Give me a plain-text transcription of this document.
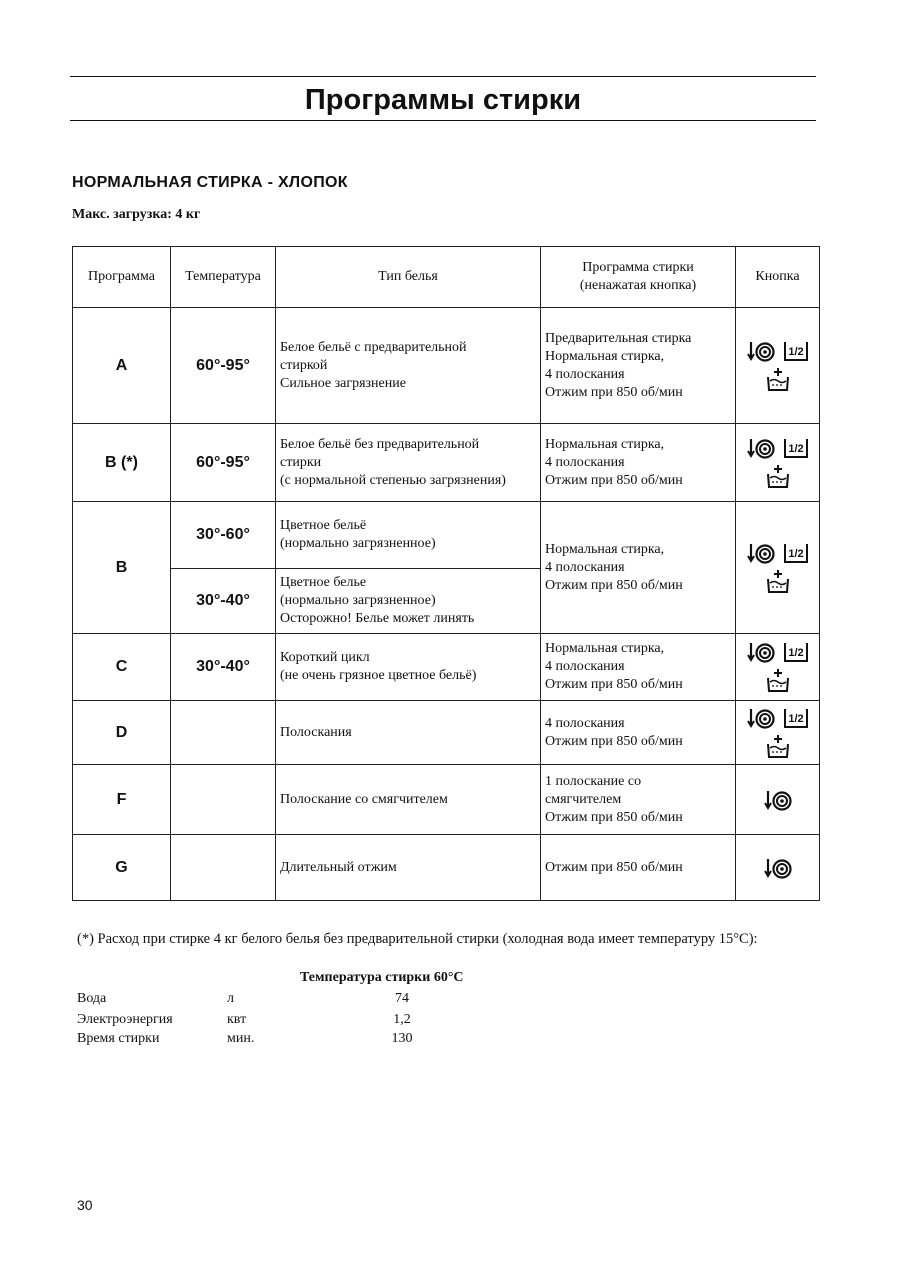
Программы стирки
НОРМАЛЬНАЯ СТИРКА - ХЛОПОК
Макс. загрузка: 4 кг
Программа	Температура	Тип белья	Программа стирки
(ненажатая кнопка)	Кнопка
A	60°-95°	Белое бельё с предварительной
стиркой
Сильное загрязнение	Предварительная стирка
Нормальная стирка,
4 полоскания
Отжим при 850 об/мин	1/2

B (*)	60°-95°	Белое бельё без предварительной
стирки
(с нормальной степенью загрязнения)	Нормальная стирка,
4 полоскания
Отжим при 850 об/мин	1/2

B	30°-60°	Цветное бельё
(нормально загрязненное)	Нормальная стирка,
4 полоскания
Отжим при 850 об/мин	1/2

	30°-40°	Цветное белье
(нормально загрязненное)
Осторожно! Белье может линять		

C	30°-40°	Короткий цикл
(не очень грязное цветное бельё)	Нормальная стирка,
4 полоскания
Отжим при 850 об/мин	1/2

D		Полоскания	4 полоскания
Отжим при 850 об/мин	1/2

F		Полоскание со смягчителем	1 полоскание со
смягчителем
Отжим при 850 об/мин

G		Длительный отжим	Отжим при 850 об/мин

(*) Расход при стирке 4 кг белого белья без предварительной стирки (холодная вода имеет температуру 15°С):
Температура стирки 60°С
Вода	л	74
Электроэнергия	квт	1,2
Время стирки	мин.	130
30
